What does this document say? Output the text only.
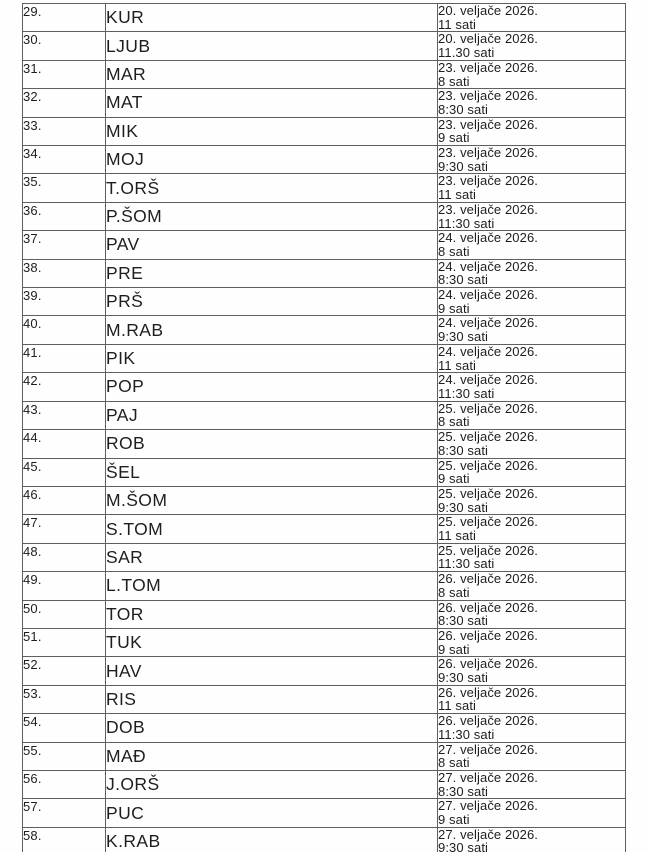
29.	KUR	20. veljače 2026.
11 sati

30.	LJUB	20. veljače 2026.
11.30 sati

31.	MAR	23. veljače 2026.
8 sati

32.	MAT	23. veljače 2026.
8:30 sati

33.	MIK	23. veljače 2026.
9 sati

34.	MOJ	23. veljače 2026.
9:30 sati

35.	T.ORŠ	23. veljače 2026.
11 sati

36.	P.ŠOM	23. veljače 2026.
11:30 sati

37.	PAV	24. veljače 2026.
8 sati

38.	PRE	24. veljače 2026.
8:30 sati

39.	PRŠ	24. veljače 2026.
9 sati

40.	M.RAB	24. veljače 2026.
9:30 sati

41.	PIK	24. veljače 2026.
11 sati

42.	POP	24. veljače 2026.
11:30 sati

43.	PAJ	25. veljače 2026.
8 sati

44.	ROB	25. veljače 2026.
8:30 sati

45.	ŠEL	25. veljače 2026.
9 sati

46.	M.ŠOM	25. veljače 2026.
9:30 sati

47.	S.TOM	25. veljače 2026.
11 sati

48.	SAR	25. veljače 2026.
11:30 sati

49.	L.TOM	26. veljače 2026.
8 sati

50.	TOR	26. veljače 2026.
8:30 sati

51.	TUK	26. veljače 2026.
9 sati

52.	HAV	26. veljače 2026.
9:30 sati

53.	RIS	26. veljače 2026.
11 sati

54.	DOB	26. veljače 2026.
11:30 sati

55.	MAĐ	27. veljače 2026.
8 sati

56.	J.ORŠ	27. veljače 2026.
8:30 sati

57.	PUC	27. veljače 2026.
9 sati

58.	K.RAB	27. veljače 2026.
9:30 sati
